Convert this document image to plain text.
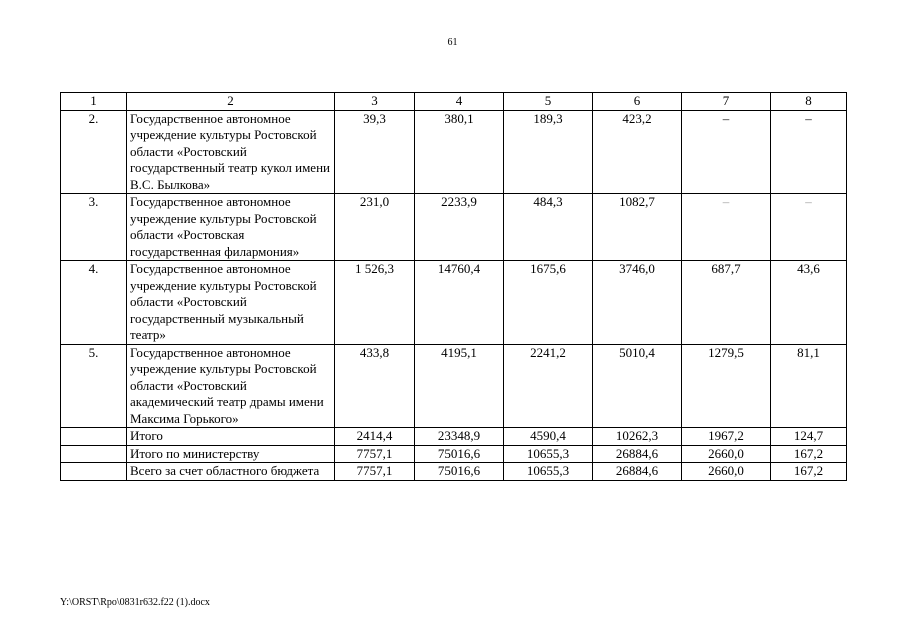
61
1	2	3	4	5	6	7	8
2.	Государственное автономное учреждение культуры Ростовской области «Ростовский государственный театр кукол имени В.С. Былкова»	39,3	380,1	189,3	423,2	–	–
3.	Государственное автономное учреждение культуры Ростовской области «Ростовская государственная филармония»	231,0	2233,9	484,3	1082,7	–	–
4.	Государственное автономное учреждение культуры Ростовской области «Ростовский государственный музыкальный театр»	1 526,3	14760,4	1675,6	3746,0	687,7	43,6
5.	Государственное автономное учреждение культуры Ростовской области «Ростовский академический театр драмы имени Максима Горького»	433,8	4195,1	2241,2	5010,4	1279,5	81,1
	Итого	2414,4	23348,9	4590,4	10262,3	1967,2	124,7
	Итого по министерству	7757,1	75016,6	10655,3	26884,6	2660,0	167,2
	Всего за счет областного бюджета	7757,1	75016,6	10655,3	26884,6	2660,0	167,2
Y:\ORST\Rpo\0831r632.f22 (1).docx
